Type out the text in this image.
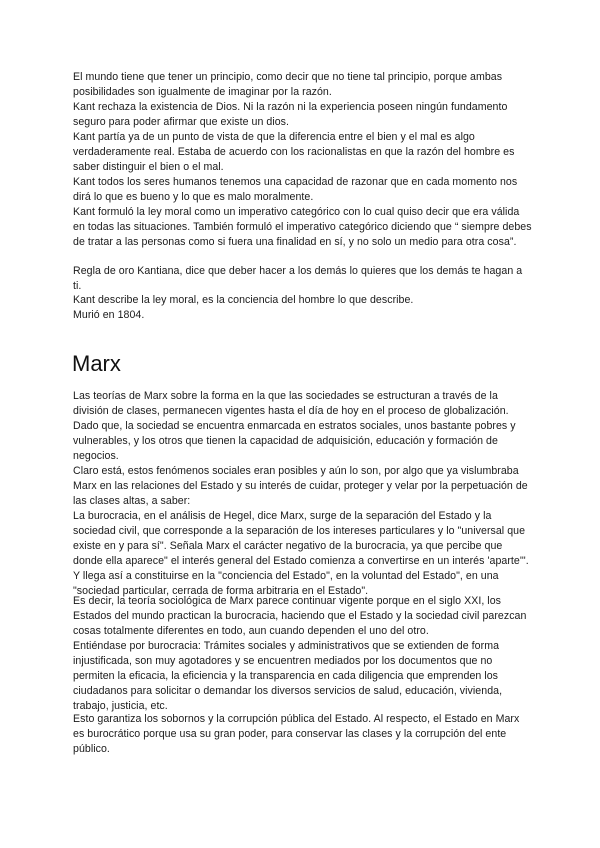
El mundo tiene que tener un principio, como decir que no tiene tal principio, porque ambas posibilidades son igualmente de imaginar por la razón.

Kant rechaza la existencia de Dios. Ni la razón ni la experiencia poseen ningún fundamento seguro para poder afirmar que existe un dios.

Kant partía ya de un punto de vista de que la diferencia entre el bien y el mal es algo verdaderamente real. Estaba de acuerdo con los racionalistas en que la razón del hombre es saber distinguir el bien o el mal.

Kant todos los seres humanos tenemos una capacidad de razonar que en cada momento nos dirá lo que es bueno y lo que es malo moralmente.

Kant formuló la ley moral como un imperativo categórico con lo cual quiso decir que era válida en todas las situaciones. También formuló el imperativo categórico diciendo que “ siempre debes de tratar a las personas como si fuera una finalidad en sí, y no solo un medio para otra cosa”.

Regla de oro Kantiana, dice que deber hacer a los demás lo quieres que los demás te hagan a ti.

Kant describe la ley moral, es la conciencia del hombre lo que describe.

Murió en 1804.

Marx

Las teorías de Marx sobre la forma en la que las sociedades se estructuran a través de la división de clases, permanecen vigentes hasta el día de hoy en el proceso de globalización. Dado que, la sociedad se encuentra enmarcada en estratos sociales, unos bastante pobres y vulnerables, y los otros que tienen la capacidad de adquisición, educación y formación de negocios.

Claro está, estos fenómenos sociales eran posibles y aún lo son, por algo que ya vislumbraba Marx en las relaciones del Estado y su interés de cuidar, proteger y velar por la perpetuación de las clases altas, a saber:

La burocracia, en el análisis de Hegel, dice Marx, surge de la separación del Estado y la sociedad civil, que corresponde a la separación de los intereses particulares y lo "universal que existe en y para sí". Señala Marx el carácter negativo de la burocracia, ya que percibe que donde ella aparece" el interés general del Estado comienza a convertirse en un interés 'aparte'". Y llega así a constituirse en la "conciencia del Estado", en la voluntad del Estado", en una "sociedad particular, cerrada de forma arbitraria en el Estado".

Es decir, la teoría sociológica de Marx parece continuar vigente porque en el siglo XXI, los Estados del mundo practican la burocracia, haciendo que el Estado y la sociedad civil parezcan cosas totalmente diferentes en todo, aun cuando dependen el uno del otro.

Entiéndase por burocracia: Trámites sociales y administrativos que se extienden de forma injustificada, son muy agotadores y se encuentren mediados por los documentos que no permiten la eficacia, la eficiencia y la transparencia en cada diligencia que emprenden los ciudadanos para solicitar o demandar los diversos servicios de salud, educación, vivienda, trabajo, justicia, etc.

Esto garantiza los sobornos y la corrupción pública del Estado. Al respecto, el Estado en Marx es burocrático porque usa su gran poder, para conservar las clases y la corrupción del ente público.
